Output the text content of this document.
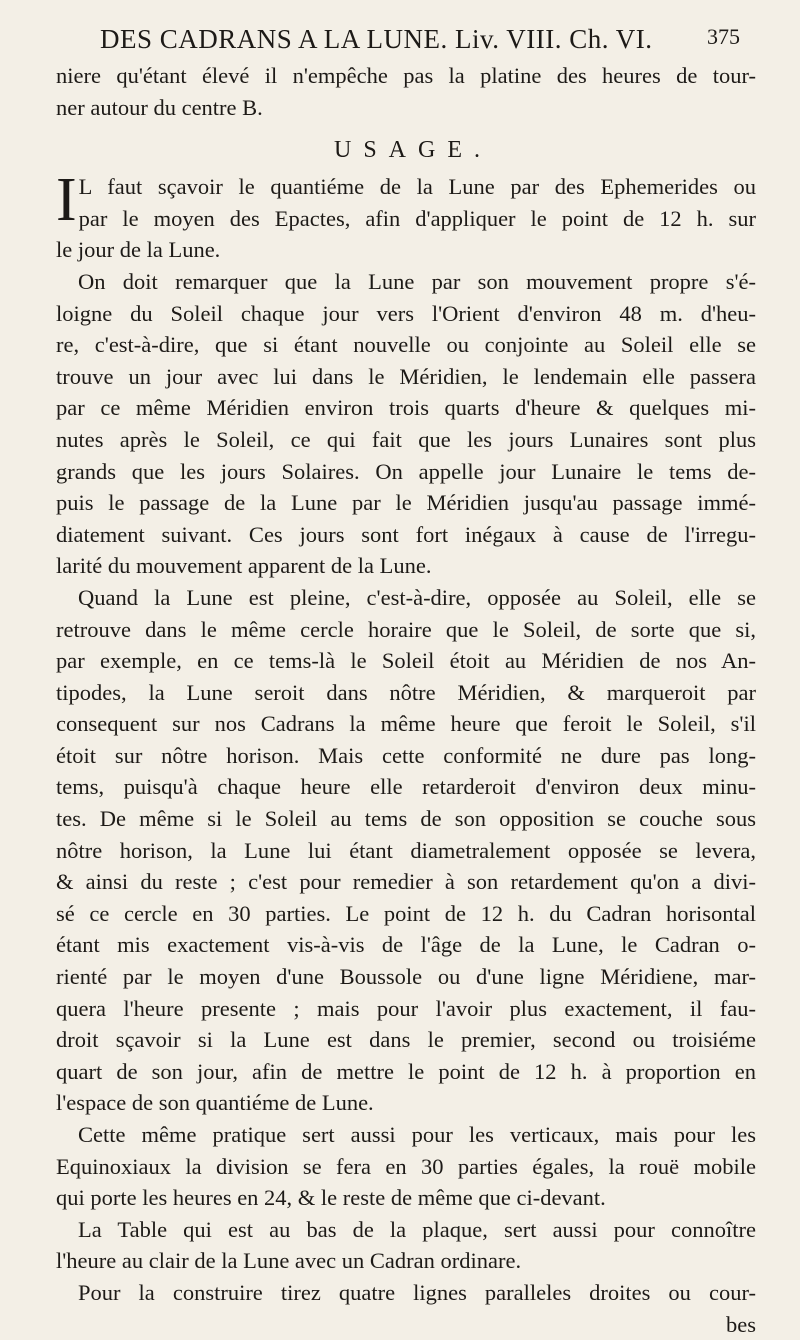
DES CADRANS A LA LUNE. Liv. VIII. Ch. VI. 375
niere qu'étant élevé il n'empêche pas la platine des heures de tour-
ner autour du centre B.
USAGE.
I L faut sçavoir le quantiéme de la Lune par des Ephemerides ou
par le moyen des Epactes, afin d'appliquer le point de 12 h. sur
le jour de la Lune.
On doit remarquer que la Lune par son mouvement propre s'é-
loigne du Soleil chaque jour vers l'Orient d'environ 48 m. d'heu-
re, c'est-à-dire, que si étant nouvelle ou conjointe au Soleil elle se
trouve un jour avec lui dans le Méridien, le lendemain elle passera
par ce même Méridien environ trois quarts d'heure & quelques mi-
nutes après le Soleil, ce qui fait que les jours Lunaires sont plus
grands que les jours Solaires. On appelle jour Lunaire le tems de-
puis le passage de la Lune par le Méridien jusqu'au passage immé-
diatement suivant. Ces jours sont fort inégaux à cause de l'irregu-
larité du mouvement apparent de la Lune.
Quand la Lune est pleine, c'est-à-dire, opposée au Soleil, elle se
retrouve dans le même cercle horaire que le Soleil, de sorte que si,
par exemple, en ce tems-là le Soleil étoit au Méridien de nos An-
tipodes, la Lune seroit dans nôtre Méridien, & marqueroit par
consequent sur nos Cadrans la même heure que feroit le Soleil, s'il
étoit sur nôtre horison. Mais cette conformité ne dure pas long-
tems, puisqu'à chaque heure elle retarderoit d'environ deux minu-
tes. De même si le Soleil au tems de son opposition se couche sous
nôtre horison, la Lune lui étant diametralement opposée se levera,
& ainsi du reste ; c'est pour remedier à son retardement qu'on a divi-
sé ce cercle en 30 parties. Le point de 12 h. du Cadran horisontal
étant mis exactement vis-à-vis de l'âge de la Lune, le Cadran o-
rienté par le moyen d'une Boussole ou d'une ligne Méridiene, mar-
quera l'heure presente ; mais pour l'avoir plus exactement, il fau-
droit sçavoir si la Lune est dans le premier, second ou troisiéme
quart de son jour, afin de mettre le point de 12 h. à proportion en
l'espace de son quantiéme de Lune.
Cette même pratique sert aussi pour les verticaux, mais pour les
Equinoxiaux la division se fera en 30 parties égales, la rouë mobile
qui porte les heures en 24, & le reste de même que ci-devant.
La Table qui est au bas de la plaque, sert aussi pour connoître
l'heure au clair de la Lune avec un Cadran ordinare.
Pour la construire tirez quatre lignes paralleles droites ou cour-
bes
